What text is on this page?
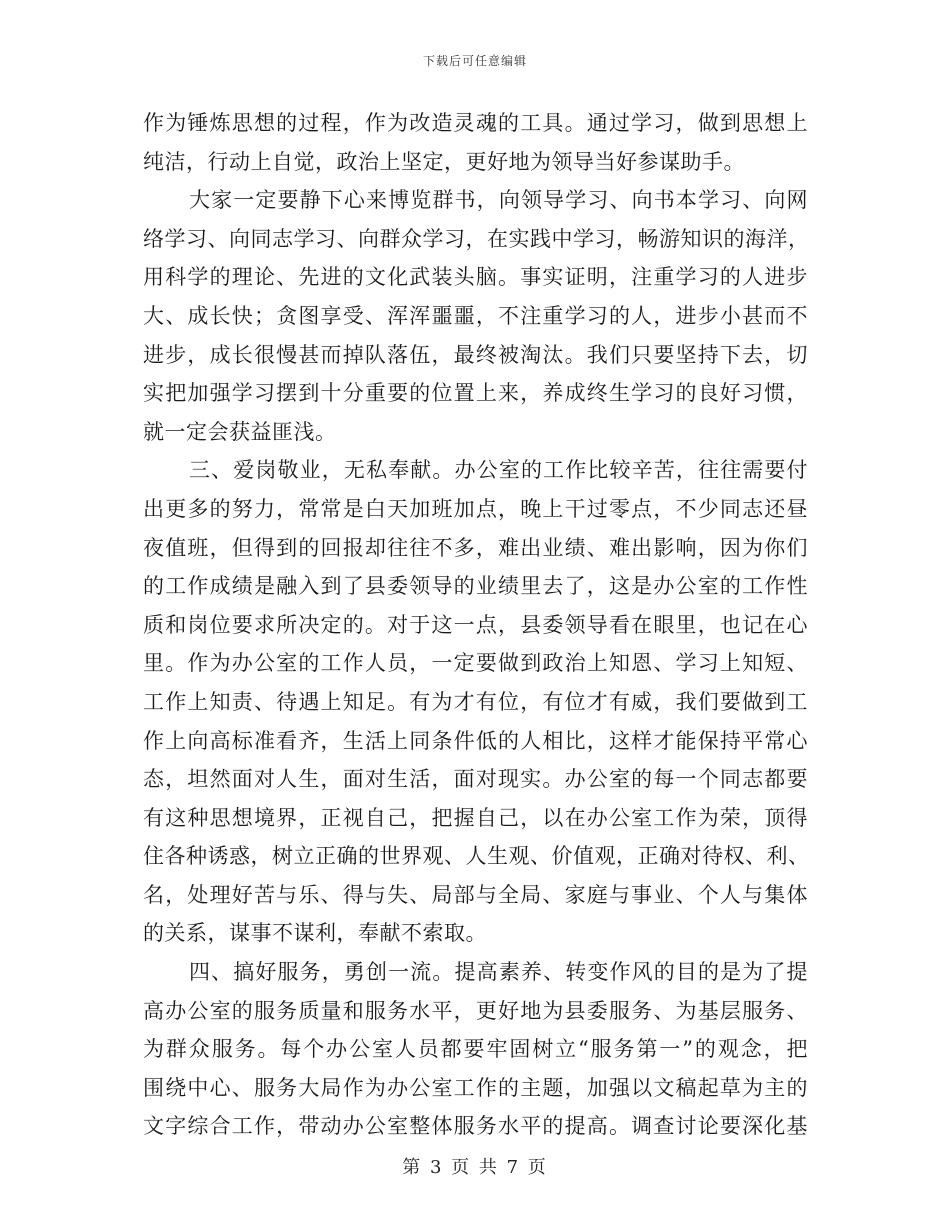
下载后可任意编辑
作为锤炼思想的过程，作为改造灵魂的工具。通过学习，做到思想上
纯洁，行动上自觉，政治上坚定，更好地为领导当好参谋助手。
大家一定要静下心来博览群书，向领导学习、向书本学习、向网
络学习、向同志学习、向群众学习，在实践中学习，畅游知识的海洋，
用科学的理论、先进的文化武装头脑。事实证明，注重学习的人进步
大、成长快；贪图享受、浑浑噩噩，不注重学习的人，进步小甚而不
进步，成长很慢甚而掉队落伍，最终被淘汰。我们只要坚持下去，切
实把加强学习摆到十分重要的位置上来，养成终生学习的良好习惯，
就一定会获益匪浅。
三、爱岗敬业，无私奉献。办公室的工作比较辛苦，往往需要付
出更多的努力，常常是白天加班加点，晚上干过零点，不少同志还昼
夜值班，但得到的回报却往往不多，难出业绩、难出影响，因为你们
的工作成绩是融入到了县委领导的业绩里去了，这是办公室的工作性
质和岗位要求所决定的。对于这一点，县委领导看在眼里，也记在心
里。作为办公室的工作人员，一定要做到政治上知恩、学习上知短、
工作上知责、待遇上知足。有为才有位，有位才有威，我们要做到工
作上向高标准看齐，生活上同条件低的人相比，这样才能保持平常心
态，坦然面对人生，面对生活，面对现实。办公室的每一个同志都要
有这种思想境界，正视自己，把握自己，以在办公室工作为荣，顶得
住各种诱惑，树立正确的世界观、人生观、价值观，正确对待权、利、
名，处理好苦与乐、得与失、局部与全局、家庭与事业、个人与集体
的关系，谋事不谋利，奉献不索取。
四、搞好服务，勇创一流。提高素养、转变作风的目的是为了提
高办公室的服务质量和服务水平，更好地为县委服务、为基层服务、
为群众服务。每个办公室人员都要牢固树立“服务第一”的观念，把
围绕中心、服务大局作为办公室工作的主题，加强以文稿起草为主的
文字综合工作，带动办公室整体服务水平的提高。调查讨论要深化基
第 3 页 共 7 页
